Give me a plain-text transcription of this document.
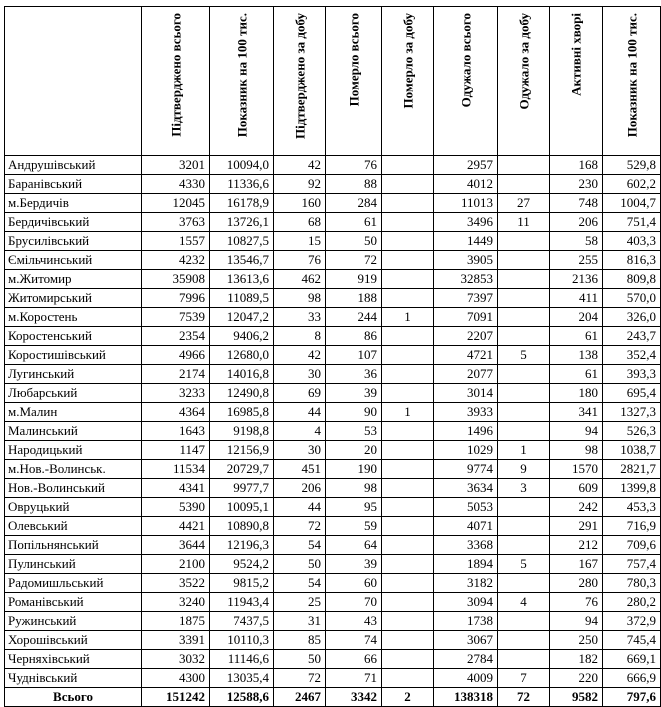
	Підтверджено всього	Показник на 100 тис.	Підтверджено за добу	Померло всього	Померло за добу	Одужало всього	Одужало за добу	Активні хворі	Показник на 100 тис.

Андрушівський	3201	10094,0	42	76		2957		168	529,8
Баранівський	4330	11336,6	92	88		4012		230	602,2
м.Бердичів	12045	16178,9	160	284		11013	27	748	1004,7
Бердичівський	3763	13726,1	68	61		3496	11	206	751,4
Брусилівський	1557	10827,5	15	50		1449		58	403,3
Ємільчинський	4232	13546,7	76	72		3905		255	816,3
м.Житомир	35908	13613,6	462	919		32853		2136	809,8
Житомирський	7996	11089,5	98	188		7397		411	570,0
м.Коростень	7539	12047,2	33	244	1	7091		204	326,0
Коростенський	2354	9406,2	8	86		2207		61	243,7
Коростишівський	4966	12680,0	42	107		4721	5	138	352,4
Лугинський	2174	14016,8	30	36		2077		61	393,3
Любарський	3233	12490,8	69	39		3014		180	695,4
м.Малин	4364	16985,8	44	90	1	3933		341	1327,3
Малинський	1643	9198,8	4	53		1496		94	526,3
Народицький	1147	12156,9	30	20		1029	1	98	1038,7
м.Нов.-Волинськ.	11534	20729,7	451	190		9774	9	1570	2821,7
Нов.-Волинський	4341	9977,7	206	98		3634	3	609	1399,8
Овруцький	5390	10095,1	44	95		5053		242	453,3
Олевський	4421	10890,8	72	59		4071		291	716,9
Попільнянський	3644	12196,3	54	64		3368		212	709,6
Пулинський	2100	9524,2	50	39		1894	5	167	757,4
Радомишльський	3522	9815,2	54	60		3182		280	780,3
Романівський	3240	11943,4	25	70		3094	4	76	280,2
Ружинський	1875	7437,5	31	43		1738		94	372,9
Хорошівський	3391	10110,3	85	74		3067		250	745,4
Черняхівський	3032	11146,6	50	66		2784		182	669,1
Чуднівський	4300	13035,4	72	71		4009	7	220	666,9
Всього	151242	12588,6	2467	3342	2	138318	72	9582	797,6
